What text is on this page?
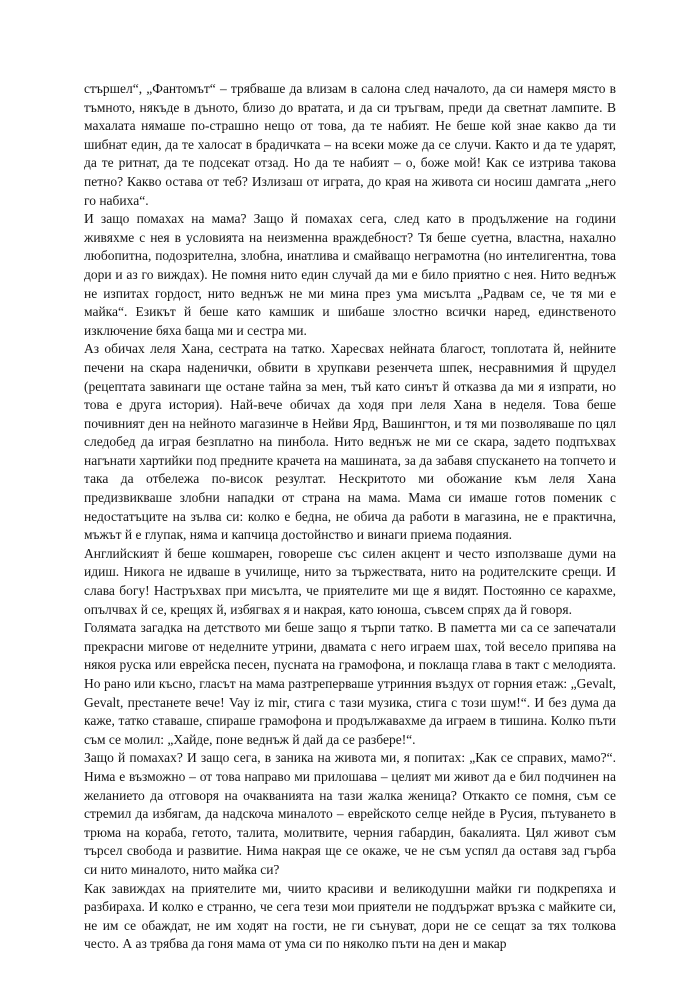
стършел“, „Фантомът“ – трябваше да влизам в салона след началото, да си намеря място в тъмното, някъде в дъното, близо до вратата, и да си тръгвам, преди да светнат лампите. В махалата нямаше по-страшно нещо от това, да те набият. Не беше кой знае какво да ти шибнат един, да те халосат в брадичката – на всеки може да се случи. Както и да те ударят, да те ритнат, да те подсекат отзад. Но да те набият – о, боже мой! Как се изтрива такова петно? Какво остава от теб? Излизаш от играта, до края на живота си носиш дамгата „него го набиха“.

И защо помахах на мама? Защо й помахах сега, след като в продължение на години живяхме с нея в условията на неизменна враждебност? Тя беше суетна, властна, нахално любопитна, подозрителна, злобна, инатлива и смайващо неграмотна (но интелигентна, това дори и аз го виждах). Не помня нито един случай да ми е било приятно с нея. Нито веднъж не изпитах гордост, нито веднъж не ми мина през ума мисълта „Радвам се, че тя ми е майка“. Езикът й беше като камшик и шибаше злостно всички наред, единственото изключение бяха баща ми и сестра ми.

Аз обичах леля Хана, сестрата на татко. Харесвах нейната благост, топлотата й, нейните печени на скара наденички, обвити в хрупкави резенчета шпек, несравнимия й щрудел (рецептата завинаги ще остане тайна за мен, тъй като синът й отказва да ми я изпрати, но това е друга история). Най-вече обичах да ходя при леля Хана в неделя. Това беше почивният ден на нейното магазинче в Нейви Ярд, Вашингтон, и тя ми позволяваше по цял следобед да играя безплатно на пинбола. Нито веднъж не ми се скара, задето подпъхвах нагънати хартийки под предните крачета на машината, за да забавя спускането на топчето и така да отбележа по-висок резултат. Нескритото ми обожание към леля Хана предизвикваше злобни нападки от страна на мама. Мама си имаше готов поменик с недостатъците на зълва си: колко е бедна, не обича да работи в магазина, не е практична, мъжът й е глупак, няма и капчица достойнство и винаги приема подаяния.

Английският й беше кошмарен, говореше със силен акцент и често използваше думи на идиш. Никога не идваше в училище, нито за тържествата, нито на родителските срещи. И слава богу! Настръхвах при мисълта, че приятелите ми ще я видят. Постоянно се карахме, опълчвах й се, крещях й, избягвах я и накрая, като юноша, съвсем спрях да й говоря.

Голямата загадка на детството ми беше защо я търпи татко. В паметта ми са се запечатали прекрасни мигове от неделните утрини, двамата с него играем шах, той весело припява на някоя руска или еврейска песен, пусната на грамофона, и поклаща глава в такт с мелодията. Но рано или късно, гласът на мама разтреперваше утринния въздух от горния етаж: „Gevalt, Gevalt, престанете вече! Vay iz mir, стига с тази музика, стига с този шум!“. И без дума да каже, татко ставаше, спираше грамофона и продължавахме да играем в тишина. Колко пъти съм се молил: „Хайде, поне веднъж й дай да се разбере!“.

Защо й помахах? И защо сега, в заника на живота ми, я попитах: „Как се справих, мамо?“. Нима е възможно – от това направо ми прилошава – целият ми живот да е бил подчинен на желанието да отговоря на очакванията на тази жалка женица? Откакто се помня, съм се стремил да избягам, да надскоча миналото – еврейското селце нейде в Русия, пътуването в трюма на кораба, гетото, талита, молитвите, черния габардин, бакалията. Цял живот съм търсел свобода и развитие. Нима накрая ще се окаже, че не съм успял да оставя зад гърба си нито миналото, нито майка си?

Как завиждах на приятелите ми, чиито красиви и великодушни майки ги подкрепяха и разбираха. И колко е странно, че сега тези мои приятели не поддържат връзка с майките си, не им се обаждат, не им ходят на гости, не ги сънуват, дори не се сещат за тях толкова често. А аз трябва да гоня мама от ума си по няколко пъти на ден и макар
